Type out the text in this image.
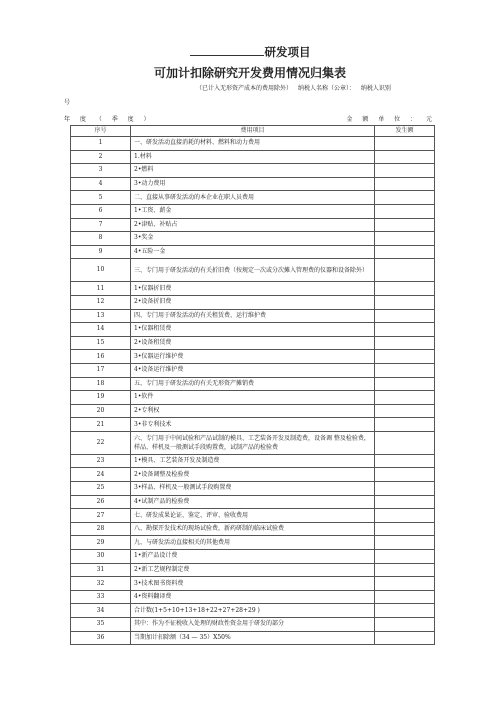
研发项目
可加计扣除研究开发费用情况归集表
（已计入无形资产成本的费用除外） 纳税人名称（公章）： 纳税人识别
号
年 度 （ 季 度 ）	金 额 单 位 ： 元
序号	费用项目	发生额
1	一、研发活动直接消耗的材料、燃料和动力费用	
2	1.材料	
3	2•燃料	
4	3•动力费用	
5	二、直接从事研发活动的本企业在职人员费用	
6	1•工资、薪金	
7	2•津贴、补贴占	
8	3•奖金	
9	4•五险一金	
10	三、专门用于研发活动的有关折旧费（按规定一次或分次摊入管理费的仪器和设备除外）	
11	1•仪器折旧费	
12	2•设备折旧费	
13	四、专门用于研发活动的有关租赁费、运行维护费	
14	1•仪器租赁费	
15	2•设备租赁费	
16	3•仪器运行维护费	
17	4•设备运行维护费	
18	五、专门用于研发活动的有关无形资产摊销费	
19	1•软件	
20	2•专利权	
21	3•非专利技术	
22	六、专门用于中间试验和产品试制的模具、工艺装备开发及制造费，设备调 整及检验费，样品、样机及一般测试手段购置费，试制产品的检验费	
23	1•模具、工艺装备开发及制造费	
24	2•设备调整及检验费	
25	3•样品、样机及一般测试手段购置费	
26	4•试制产品的检验费	
27	七、研发成果论证、鉴定、评审、验收费用	
28	八、勘探开发技术的现场试验费，新药研制的临床试验费	
29	九、与研发活动直接相关的其他费用	
30	1•新产品设计费	
31	2•新工艺规程制定费	
32	3•技术图书资料费	
33	4•资料翻译费	
34	合计数(1+5+10+13+18+22+27+28+29 )	
35	其中：作为不征税收入处理的财政性资金用于研发的部分	
36	当期加计扣除额（34 — 35）X50%	
